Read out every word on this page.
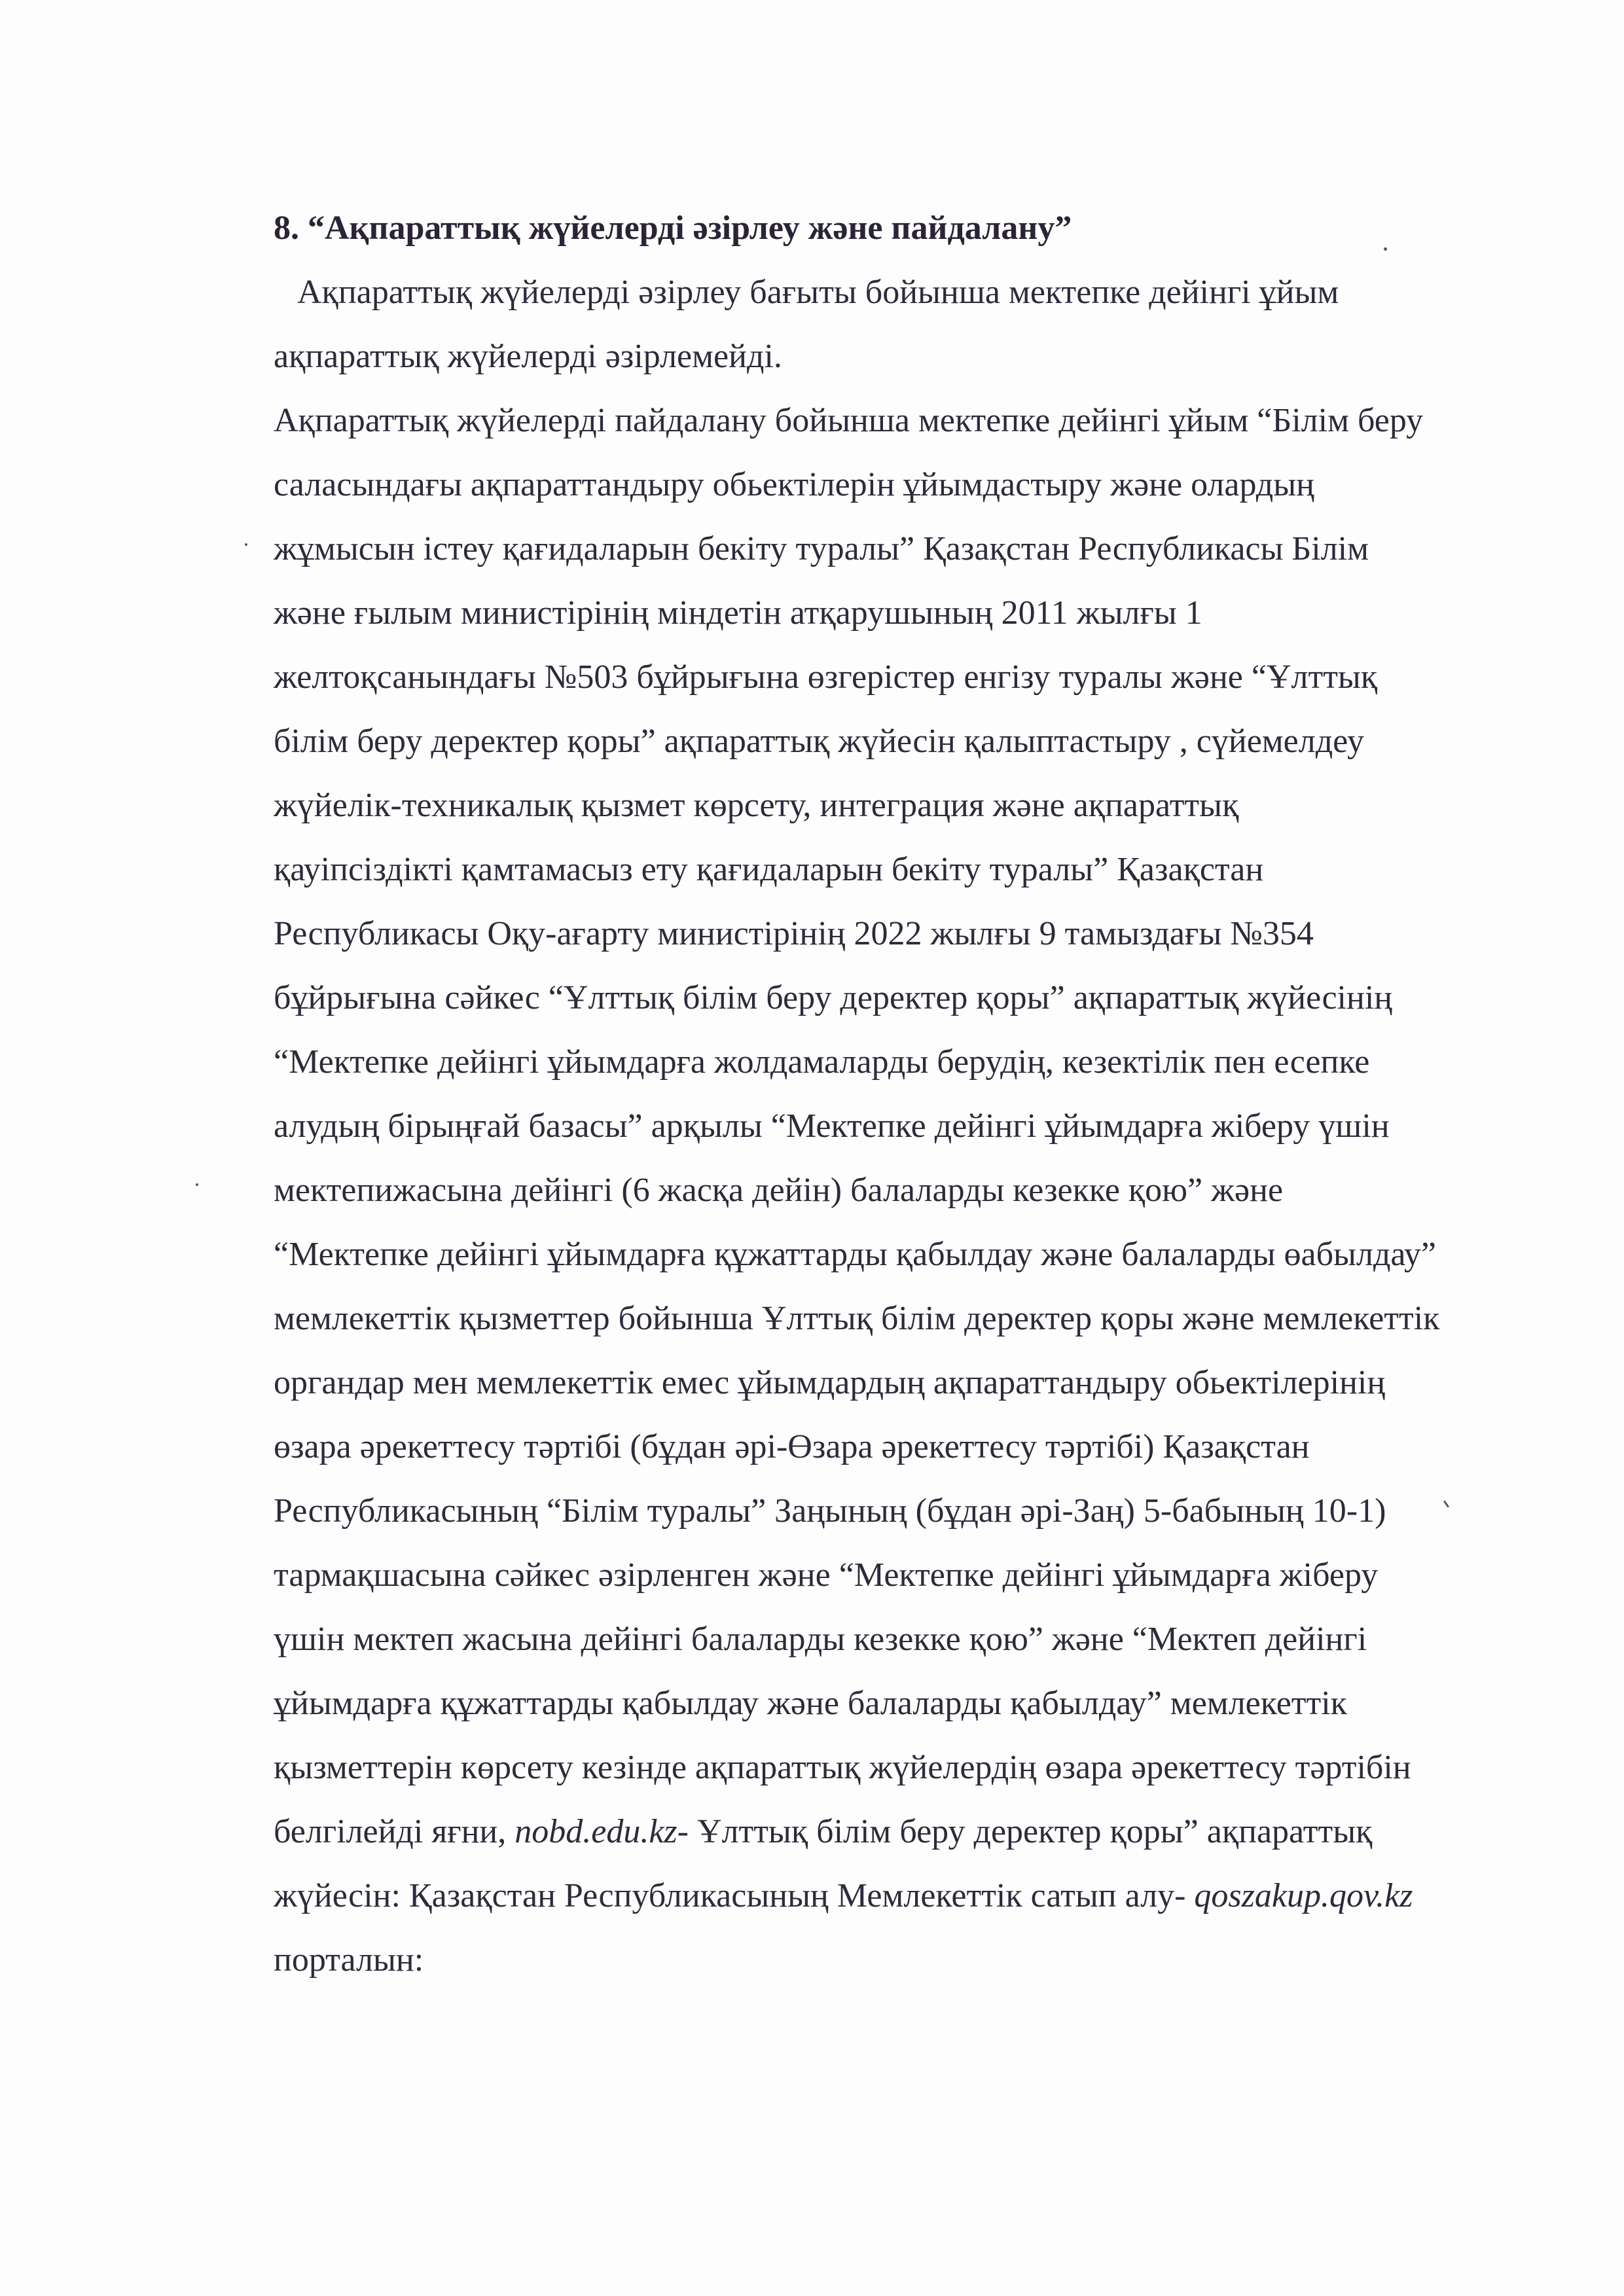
8. “Ақпараттық жүйелерді әзірлеу және пайдалану”
Ақпараттық жүйелерді әзірлеу бағыты бойынша мектепке дейінгі ұйым
ақпараттық жүйелерді әзірлемейді.
Ақпараттық жүйелерді пайдалану бойынша мектепке дейінгі ұйым “Білім беру
саласындағы ақпараттандыру обьектілерін ұйымдастыру және олардың
жұмысын істеу қағидаларын бекіту туралы” Қазақстан Республикасы Білім
және ғылым министірінің міндетін атқарушының 2011 жылғы 1
желтоқсанындағы №503 бұйрығына өзгерістер енгізу туралы және “Ұлттық
білім беру деректер қоры” ақпараттық жүйесін қалыптастыру , сүйемелдеу
жүйелік-техникалық қызмет көрсету, интеграция және ақпараттық
қауіпсіздікті қамтамасыз ету қағидаларын бекіту туралы” Қазақстан
Республикасы Оқу-ағарту министірінің 2022 жылғы 9 тамыздағы №354
бұйрығына сәйкес “Ұлттық білім беру деректер қоры” ақпараттық жүйесінің
“Мектепке дейінгі ұйымдарға жолдамаларды берудің, кезектілік пен есепке
алудың бірыңғай базасы” арқылы “Мектепке дейінгі ұйымдарға жіберу үшін
мектепижасына дейінгі (6 жасқа дейін) балаларды кезекке қою” және
“Мектепке дейінгі ұйымдарға құжаттарды қабылдау және балаларды өабылдау”
мемлекеттік қызметтер бойынша Ұлттық білім деректер қоры және мемлекеттік
органдар мен мемлекеттік емес ұйымдардың ақпараттандыру обьектілерінің
өзара әрекеттесу тәртібі (бұдан әрі-Өзара әрекеттесу тәртібі) Қазақстан
Республикасының “Білім туралы” Заңының (бұдан әрі-Заң) 5-бабының 10-1)
тармақшасына сәйкес әзірленген және “Мектепке дейінгі ұйымдарға жіберу
үшін мектеп жасына дейінгі балаларды кезекке қою” және “Мектеп дейінгі
ұйымдарға құжаттарды қабылдау және балаларды қабылдау” мемлекеттік
қызметтерін көрсету кезінде ақпараттық жүйелердің өзара әрекеттесу тәртібін
белгілейді яғни, nobd.edu.kz- Ұлттық білім беру деректер қоры” ақпараттық
жүйесін: Қазақстан Республикасының Мемлекеттік сатып алу- qoszakup.qov.kz
порталын:
